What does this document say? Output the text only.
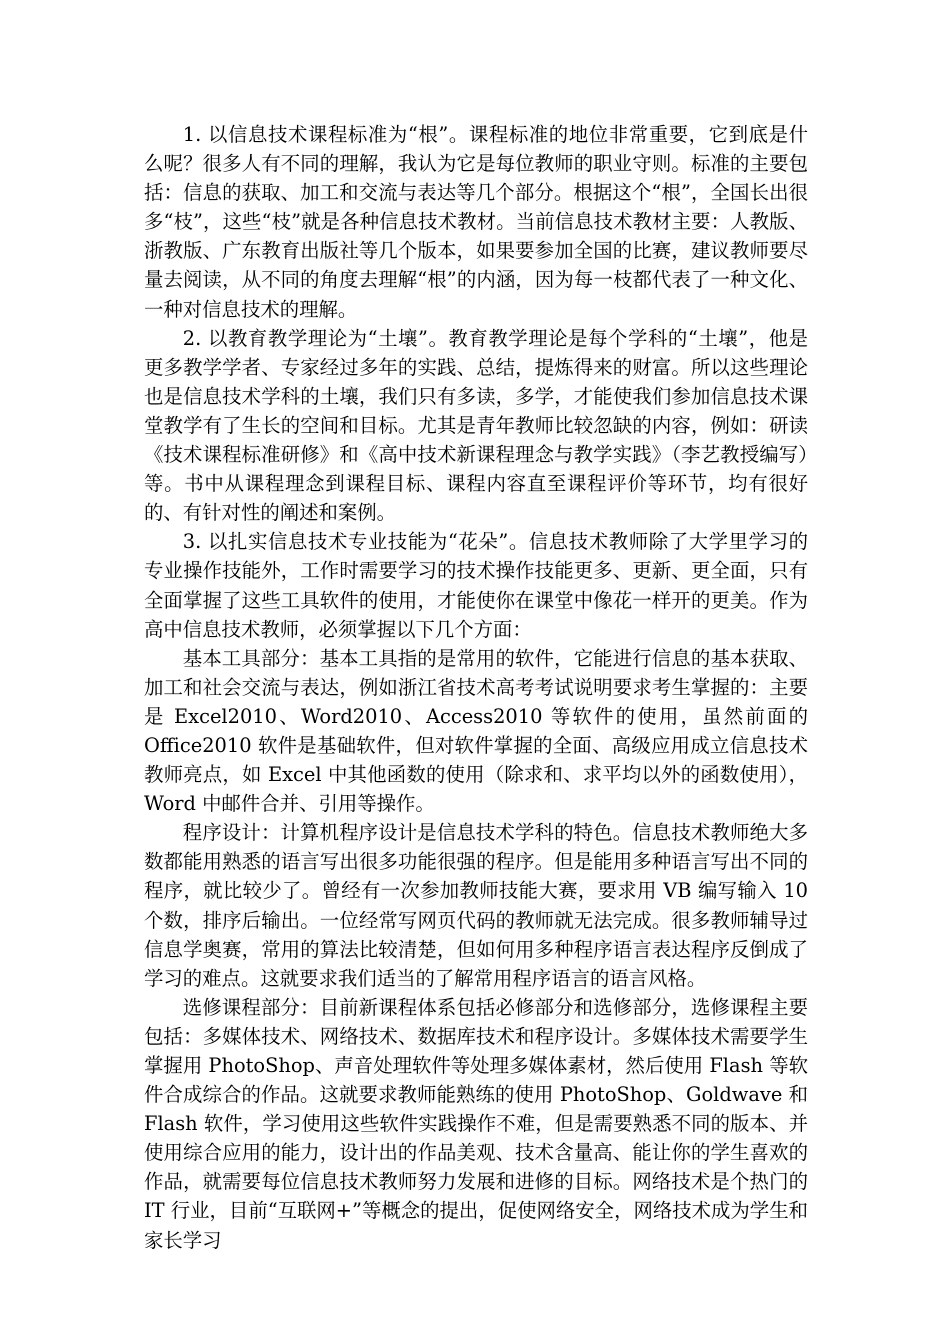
1. 以信息技术课程标准为“根”。课程标准的地位非常重要，它到底是什么呢？很多人有不同的理解，我认为它是每位教师的职业守则。标准的主要包括：信息的获取、加工和交流与表达等几个部分。根据这个“根”，全国长出很多“枝”，这些“枝”就是各种信息技术教材。当前信息技术教材主要：人教版、浙教版、广东教育出版社等几个版本，如果要参加全国的比赛，建议教师要尽量去阅读，从不同的角度去理解“根”的内涵，因为每一枝都代表了一种文化、一种对信息技术的理解。

2. 以教育教学理论为“土壤”。教育教学理论是每个学科的“土壤”，他是更多教学学者、专家经过多年的实践、总结，提炼得来的财富。所以这些理论也是信息技术学科的土壤，我们只有多读，多学，才能使我们参加信息技术课堂教学有了生长的空间和目标。尤其是青年教师比较忽缺的内容，例如：研读《技术课程标准研修》和《高中技术新课程理念与教学实践》（李艺教授编写）等。书中从课程理念到课程目标、课程内容直至课程评价等环节，均有很好的、有针对性的阐述和案例。

3. 以扎实信息技术专业技能为“花朵”。信息技术教师除了大学里学习的专业操作技能外，工作时需要学习的技术操作技能更多、更新、更全面，只有全面掌握了这些工具软件的使用，才能使你在课堂中像花一样开的更美。作为高中信息技术教师，必须掌握以下几个方面：

基本工具部分：基本工具指的是常用的软件，它能进行信息的基本获取、加工和社会交流与表达，例如浙江省技术高考考试说明要求考生掌握的：主要是 Excel2010、Word2010、Access2010 等软件的使用，虽然前面的 Office2010 软件是基础软件，但对软件掌握的全面、高级应用成立信息技术教师亮点，如 Excel 中其他函数的使用（除求和、求平均以外的函数使用），Word 中邮件合并、引用等操作。

程序设计：计算机程序设计是信息技术学科的特色。信息技术教师绝大多数都能用熟悉的语言写出很多功能很强的程序。但是能用多种语言写出不同的程序，就比较少了。曾经有一次参加教师技能大赛，要求用 VB 编写输入 10 个数，排序后输出。一位经常写网页代码的教师就无法完成。很多教师辅导过信息学奥赛，常用的算法比较清楚，但如何用多种程序语言表达程序反倒成了学习的难点。这就要求我们适当的了解常用程序语言的语言风格。

选修课程部分：目前新课程体系包括必修部分和选修部分，选修课程主要包括：多媒体技术、网络技术、数据库技术和程序设计。多媒体技术需要学生掌握用 PhotoShop、声音处理软件等处理多媒体素材，然后使用 Flash 等软件合成综合的作品。这就要求教师能熟练的使用 PhotoShop、Goldwave 和 Flash 软件，学习使用这些软件实践操作不难，但是需要熟悉不同的版本、并使用综合应用的能力，设计出的作品美观、技术含量高、能让你的学生喜欢的作品，就需要每位信息技术教师努力发展和进修的目标。网络技术是个热门的 IT 行业，目前“互联网+”等概念的提出，促使网络安全，网络技术成为学生和家长学习
